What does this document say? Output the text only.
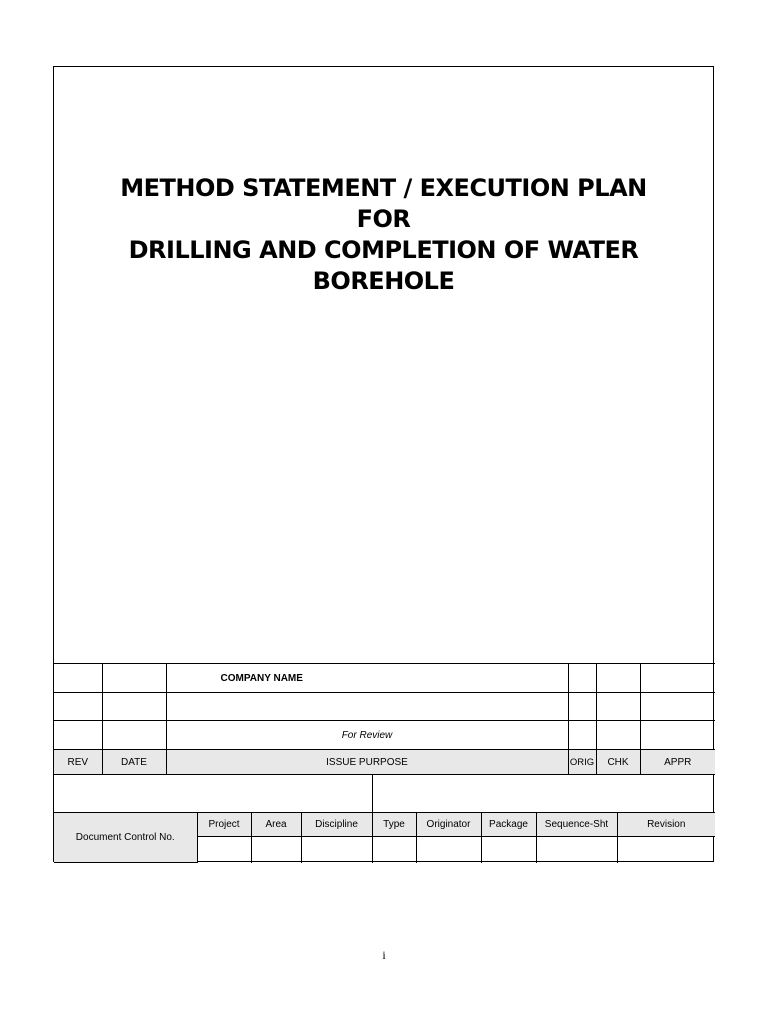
METHOD STATEMENT / EXECUTION PLAN
FOR
DRILLING AND COMPLETION OF WATER
BOREHOLE
		COMPANY NAME			

		For Review			
REV	DATE	ISSUE PURPOSE	ORIG	CHK	APPR

Document Control No.	Project	Area	Discipline	Type	Originator	Package	Sequence-Sht	Revision

i
